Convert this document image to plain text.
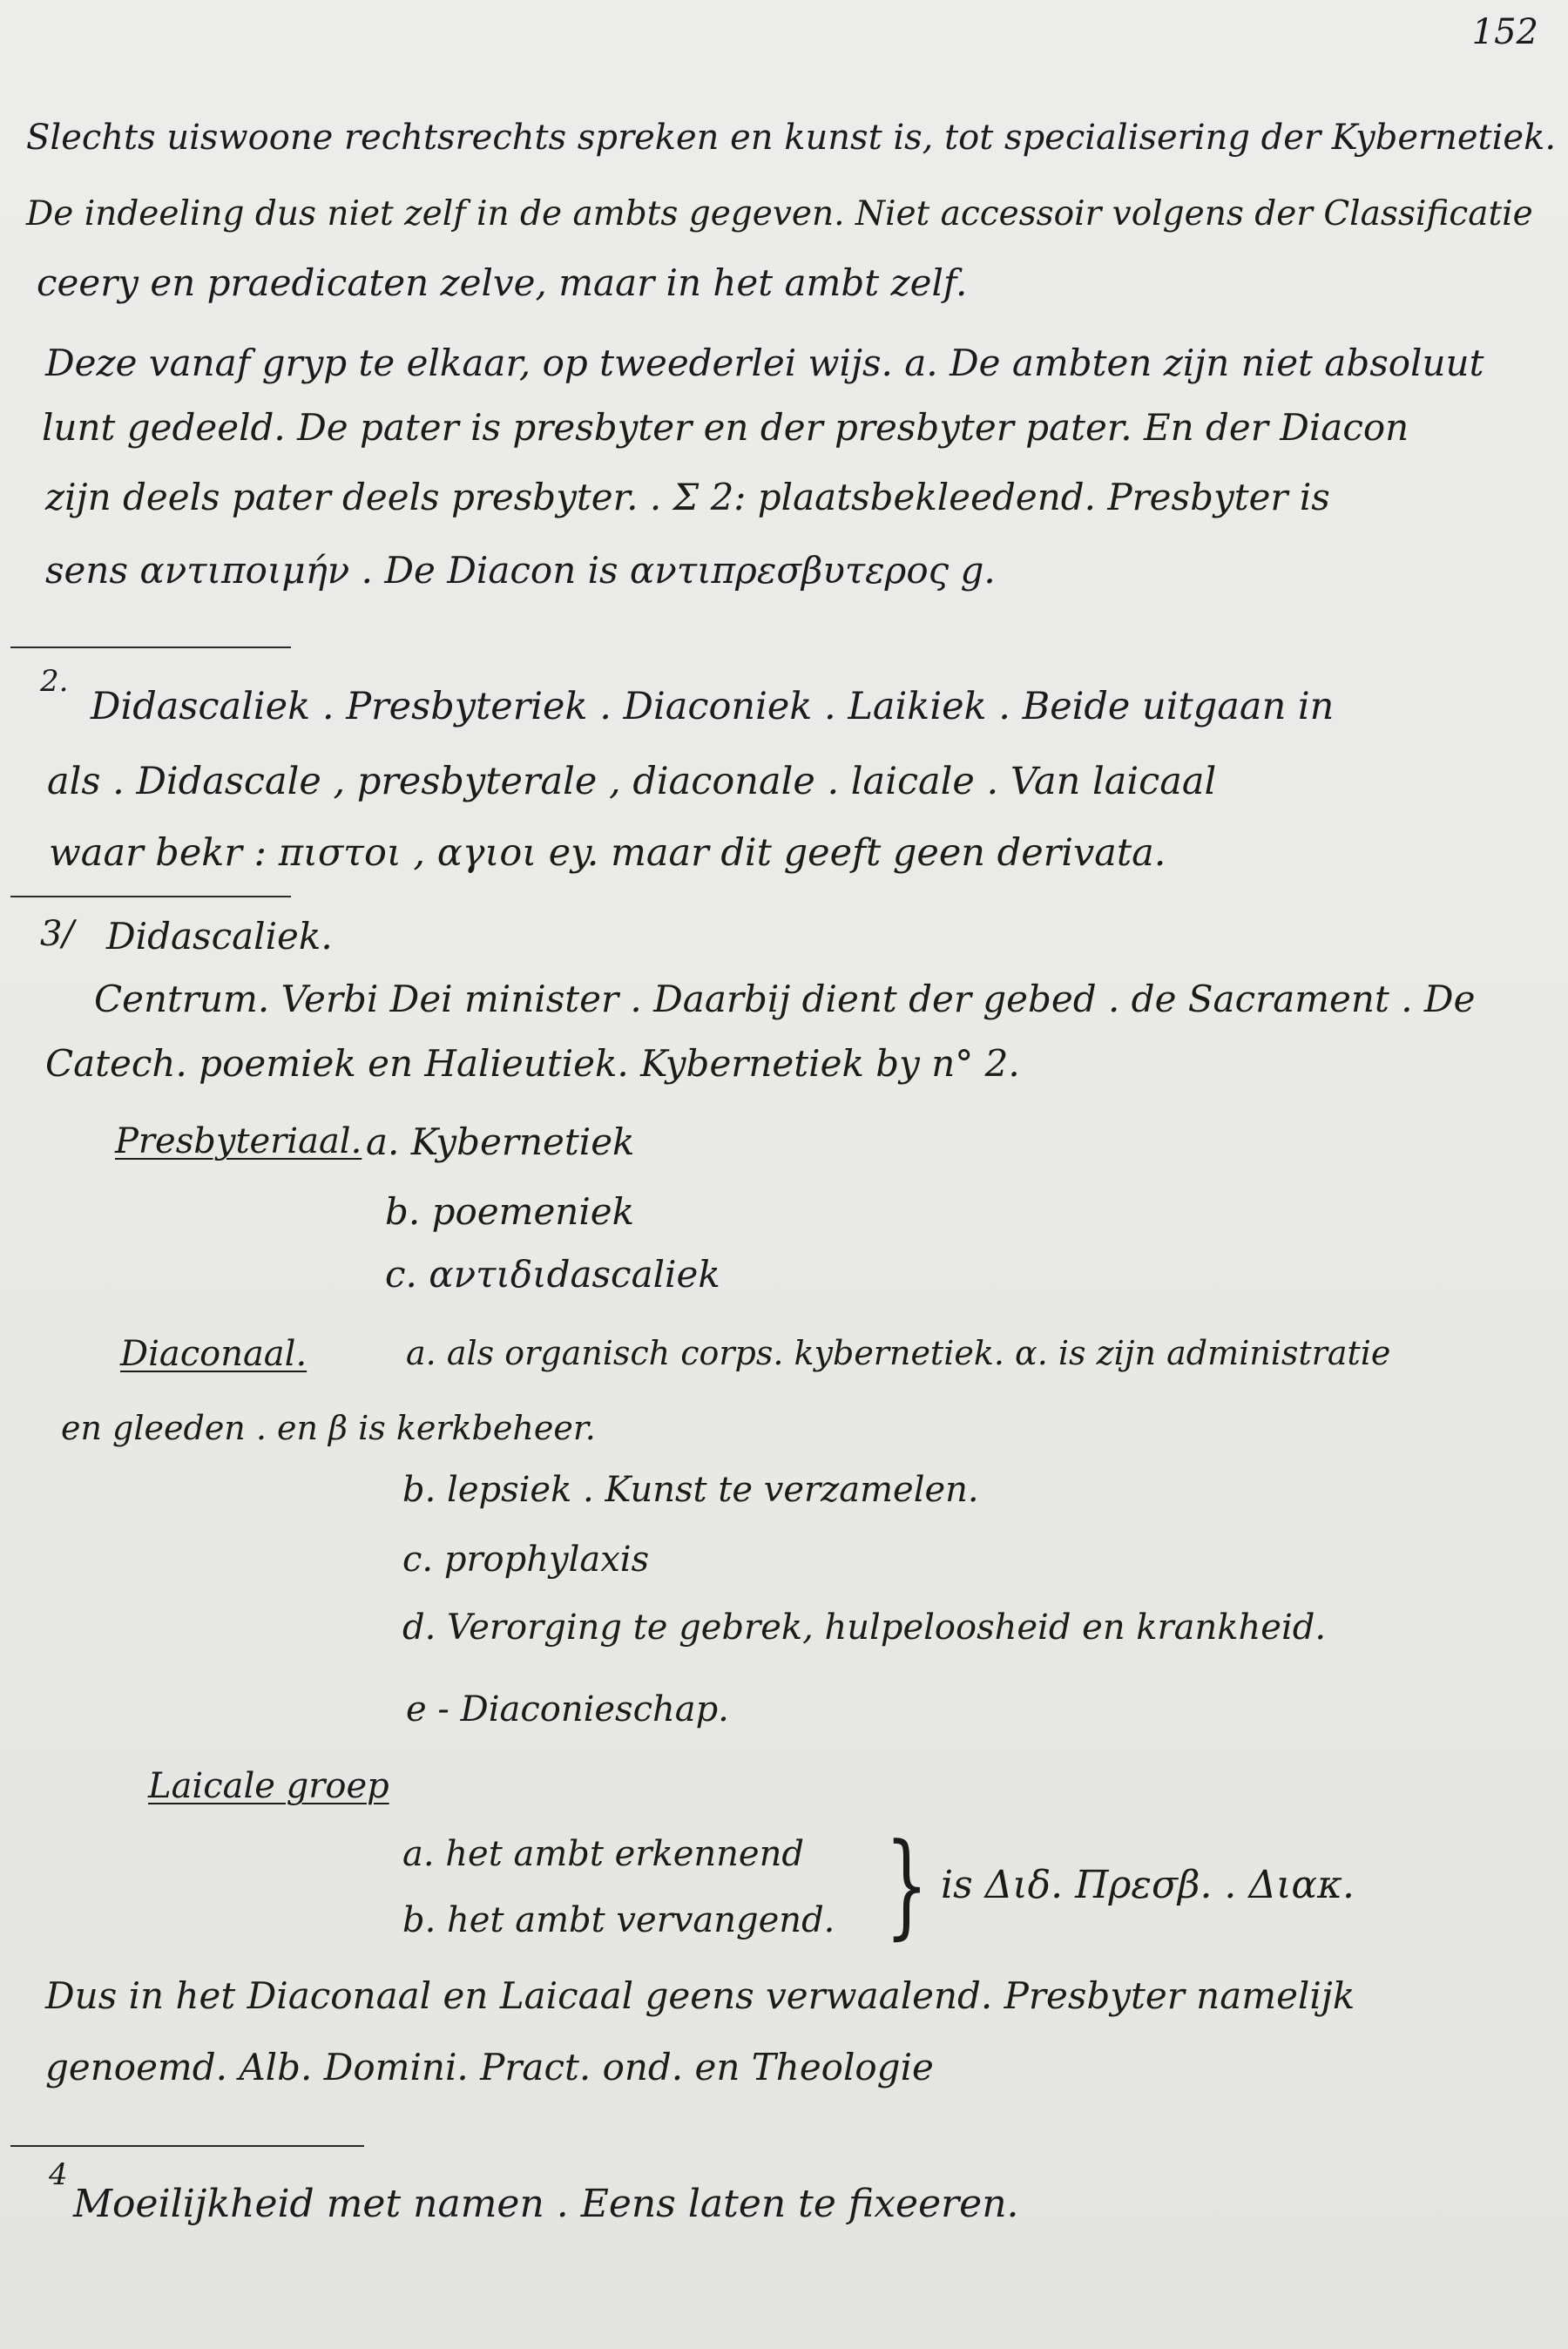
152
Slechts uiswoone rechtsrechts spreken en kunst is, tot specialisering der Kybernetiek.
De indeeling dus niet zelf in de ambts gegeven. Niet accessoir volgens der Classificatie
ceery en praedicaten zelve, maar in het ambt zelf.
Deze vanaf gryp te elkaar, op tweederlei wijs. a. De ambten zijn niet absoluut
lunt gedeeld. De pater is presbyter en der presbyter pater. En der Diacon
zijn deels pater deels presbyter. . Σ 2: plaatsbekleedend. Presbyter is
sens αντιποιμήν . De Diacon is αντιπρεσβυτερος g.
2.
Didascaliek . Presbyteriek . Diaconiek . Laikiek . Beide uitgaan in
als . Didascale , presbyterale , diaconale . laicale . Van laicaal
waar bekr : πιστοι , αγιοι ey. maar dit geeft geen derivata.
3/ Didascaliek.
Centrum. Verbi Dei minister . Daarbij dient der gebed . de Sacrament . De
Catech. poemiek en Halieutiek. Kybernetiek by n° 2.
Presbyteriaal. a. Kybernetiek
b. poemeniek
c. αντιδιdascaliek
Diaconaal.	a. als organisch corps. kybernetiek. α. is zijn administratie
en gleeden . en β is kerkbeheer.
b. lepsiek . Kunst te verzamelen.
c. prophylaxis
d. Verorging te gebrek, hulpeloosheid en krankheid.
e - Diaconieschap.
Laicale groep
a. het ambt erkennend
b. het ambt vervangend. } is Διδ. Πρεσβ. . Διακ.
Dus in het Diaconaal en Laicaal geens verwaalend. Presbyter namelijk
genoemd. Alb. Domini. Pract. ond. en Theologie
4
Moeilijkheid met namen . Eens laten te fixeeren.
